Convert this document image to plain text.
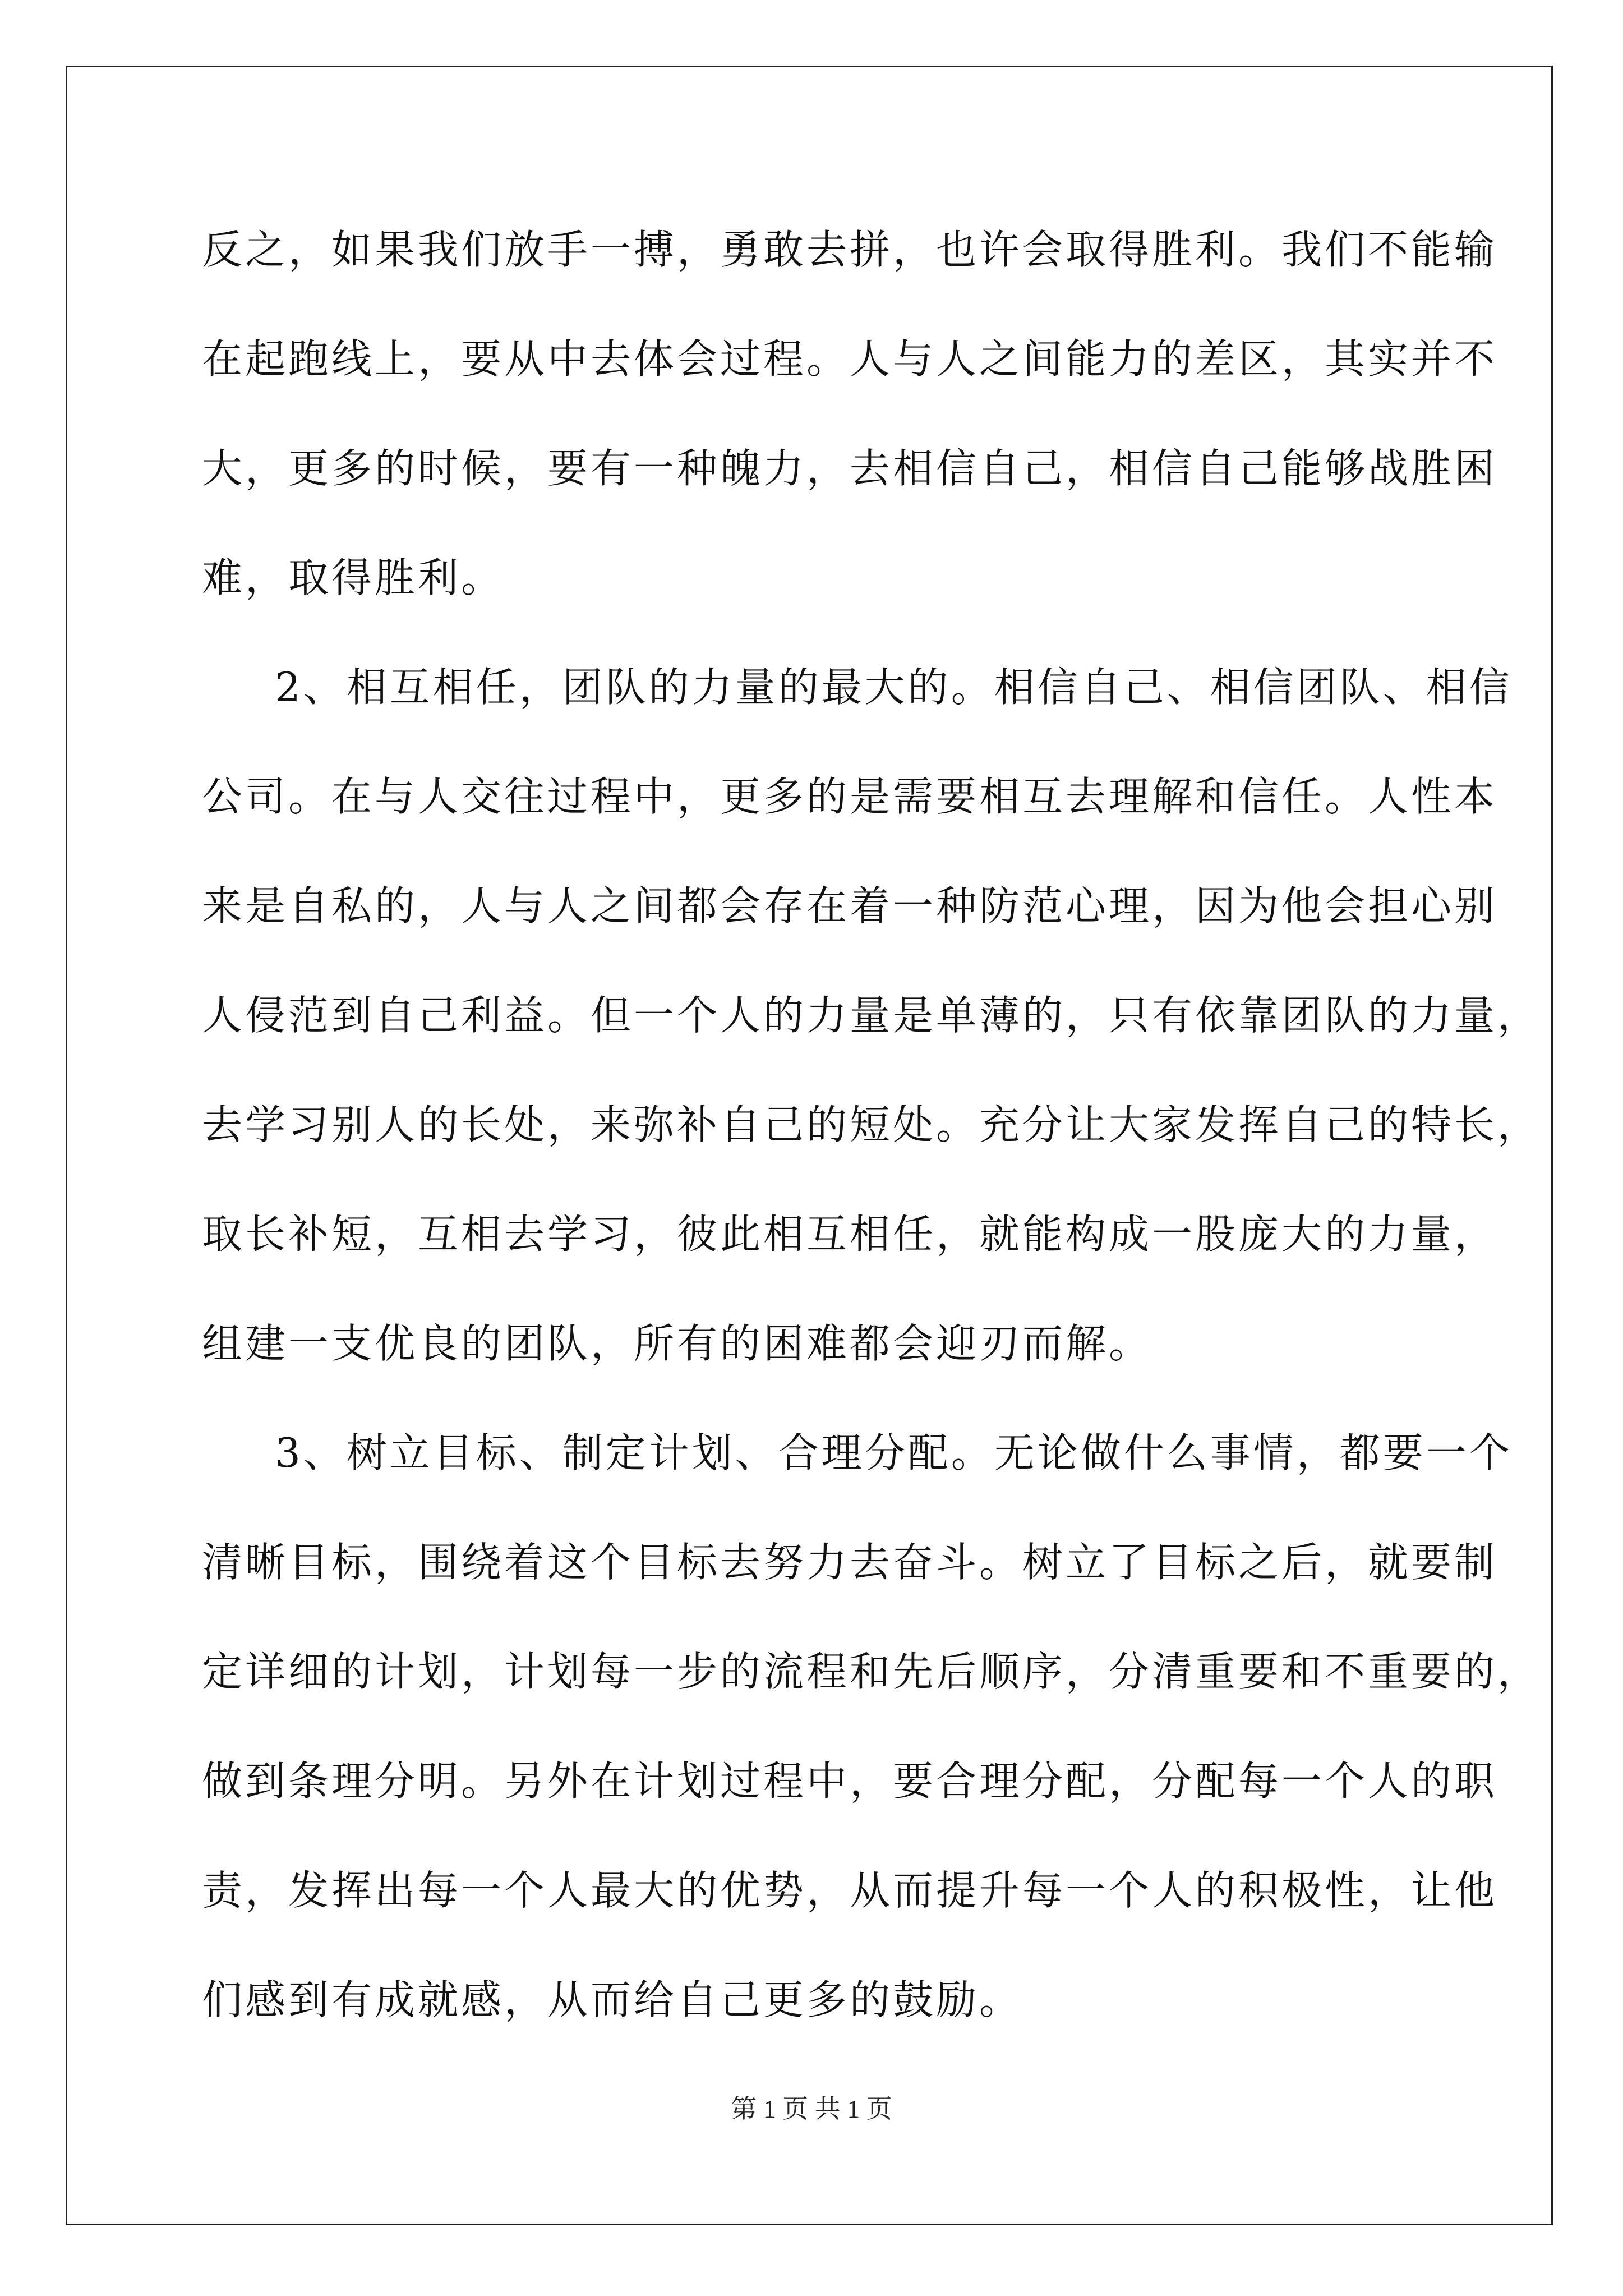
反之，如果我们放手一搏，勇敢去拼，也许会取得胜利。我们不能输
在起跑线上，要从中去体会过程。人与人之间能力的差区，其实并不
大，更多的时候，要有一种魄力，去相信自己，相信自己能够战胜困
难，取得胜利。
2、相互相任，团队的力量的最大的。相信自己、相信团队、相信
公司。在与人交往过程中，更多的是需要相互去理解和信任。人性本
来是自私的，人与人之间都会存在着一种防范心理，因为他会担心别
人侵范到自己利益。但一个人的力量是单薄的，只有依靠团队的力量，
去学习别人的长处，来弥补自己的短处。充分让大家发挥自己的特长，
取长补短，互相去学习，彼此相互相任，就能构成一股庞大的力量，
组建一支优良的团队，所有的困难都会迎刃而解。
3、树立目标、制定计划、合理分配。无论做什么事情，都要一个
清晰目标，围绕着这个目标去努力去奋斗。树立了目标之后，就要制
定详细的计划，计划每一步的流程和先后顺序，分清重要和不重要的，
做到条理分明。另外在计划过程中，要合理分配，分配每一个人的职
责，发挥出每一个人最大的优势，从而提升每一个人的积极性，让他
们感到有成就感，从而给自己更多的鼓励。
第 1 页 共 1 页
